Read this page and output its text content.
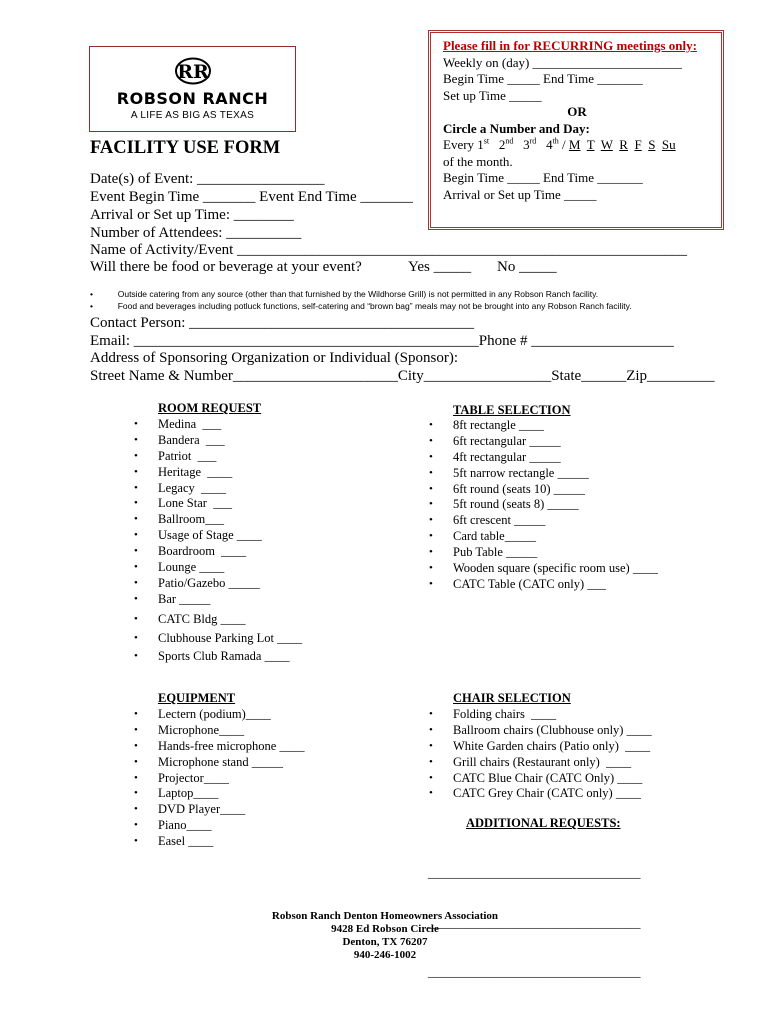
RR
ROBSON RANCH
A LIFE AS BIG AS TEXAS
Please fill in for RECURRING meetings only:
Weekly on (day) _______________________
Begin Time _____ End Time _______
Set up Time _____
OR
Circle a Number and Day:
Every 1st 2nd 3rd 4th / M T W R F S Su
of the month.
Begin Time _____ End Time _______
Arrival or Set up Time _____
FACILITY USE FORM
Date(s) of Event: _________________
Event Begin Time _______ Event End Time _______
Arrival or Set up Time: ________
Number of Attendees: __________
Name of Activity/Event ____________________________________________________________
Will there be food or beverage at your event?	Yes _____ No _____

•	Outside catering from any source (other than that furnished by the Wildhorse Grill) is not permitted in any Robson Ranch facility.

•	Food and beverages including potluck functions, self-catering and “brown bag” meals may not be brought into any Robson Ranch facility.

Contact Person: ______________________________________
Email: ______________________________________________Phone # ___________________
Address of Sponsoring Organization or Individual (Sponsor):
Street Name & Number______________________City_________________State______Zip_________
ROOM REQUEST
• Medina  ___
• Bandera  ___
• Patriot  ___
• Heritage  ____
• Legacy  ____
• Lone Star  ___
• Ballroom___
• Usage of Stage ____
• Boardroom  ____
• Lounge ____
• Patio/Gazebo _____
• Bar _____
• CATC Bldg ____
• Clubhouse Parking Lot ____
• Sports Club Ramada ____
TABLE SELECTION
• 8ft rectangle ____
• 6ft rectangular _____
• 4ft rectangular _____
• 5ft narrow rectangle _____
• 6ft round (seats 10) _____
• 5ft round (seats 8) _____
• 6ft crescent _____
• Card table_____
• Pub Table _____
• Wooden square (specific room use) ____
• CATC Table (CATC only) ___
EQUIPMENT
• Lectern (podium)____
• Microphone____
• Hands-free microphone ____
• Microphone stand _____
• Projector____
• Laptop____
• DVD Player____
• Piano____
• Easel ____
CHAIR SELECTION
• Folding chairs  ____
• Ballroom chairs (Clubhouse only) ____
• White Garden chairs (Patio only)  ____
• Grill chairs (Restaurant only)  ____
• CATC Blue Chair (CATC Only) ____
• CATC Grey Chair (CATC only) ____
ADDITIONAL REQUESTS:

__________________________________

__________________________________

__________________________________

Robson Ranch Denton Homeowners Association
9428 Ed Robson Circle
Denton, TX 76207
940-246-1002
